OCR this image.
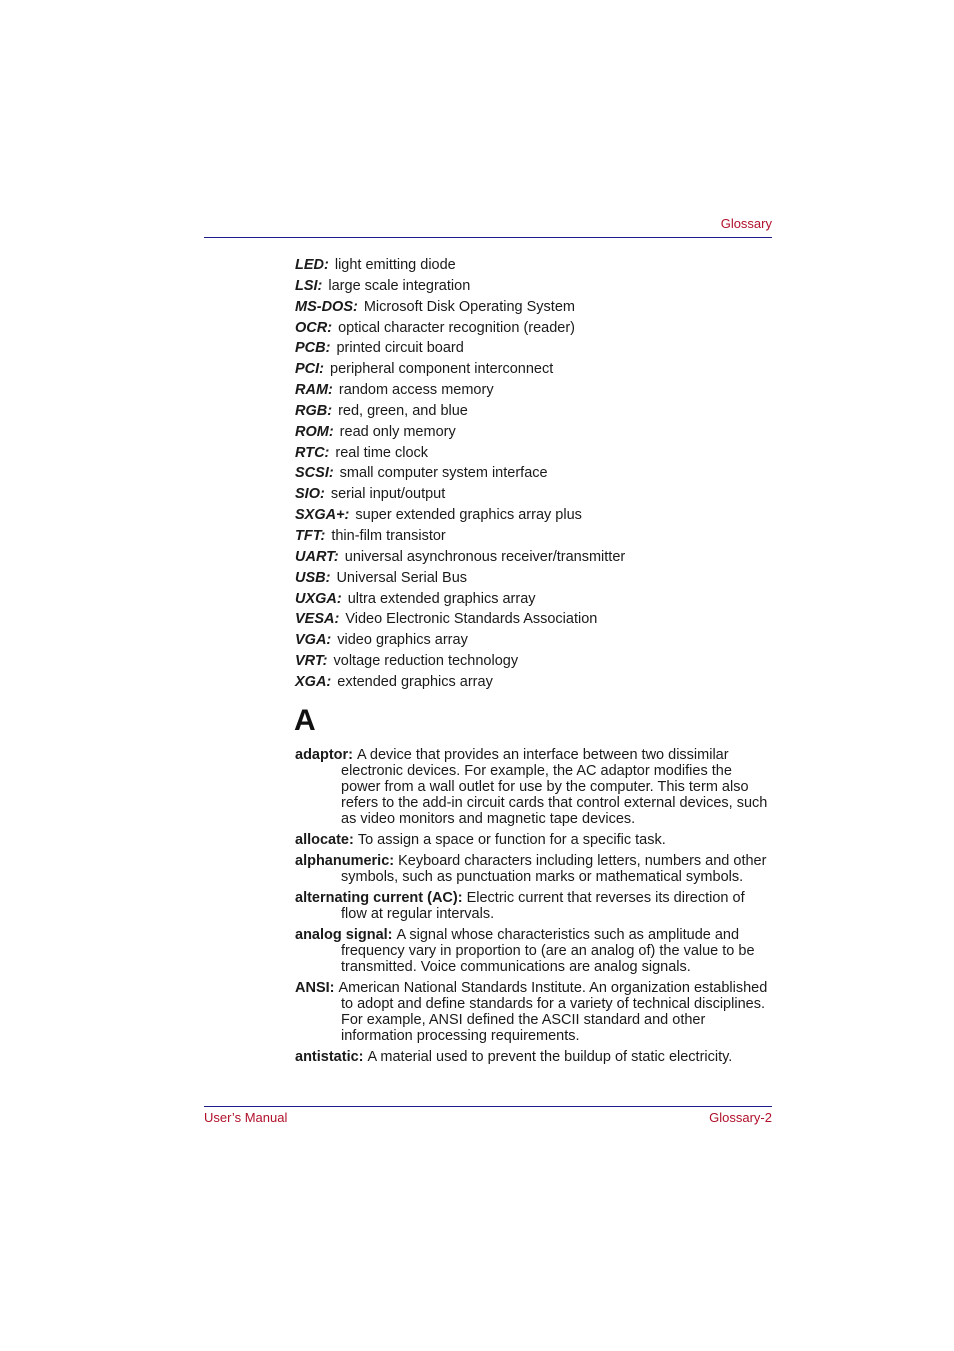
Glossary
LED: light emitting diode
LSI: large scale integration
MS-DOS: Microsoft Disk Operating System
OCR: optical character recognition (reader)
PCB: printed circuit board
PCI: peripheral component interconnect
RAM: random access memory
RGB: red, green, and blue
ROM: read only memory
RTC: real time clock
SCSI: small computer system interface
SIO: serial input/output
SXGA+: super extended graphics array plus
TFT: thin-film transistor
UART: universal asynchronous receiver/transmitter
USB: Universal Serial Bus
UXGA: ultra extended graphics array
VESA: Video Electronic Standards Association
VGA: video graphics array
VRT: voltage reduction technology
XGA: extended graphics array
A
adaptor: A device that provides an interface between two dissimilar electronic devices. For example, the AC adaptor modifies the power from a wall outlet for use by the computer. This term also refers to the add-in circuit cards that control external devices, such as video monitors and magnetic tape devices.
allocate: To assign a space or function for a specific task.
alphanumeric: Keyboard characters including letters, numbers and other symbols, such as punctuation marks or mathematical symbols.
alternating current (AC): Electric current that reverses its direction of flow at regular intervals.
analog signal: A signal whose characteristics such as amplitude and frequency vary in proportion to (are an analog of) the value to be transmitted. Voice communications are analog signals.
ANSI: American National Standards Institute. An organization established to adopt and define standards for a variety of technical disciplines. For example, ANSI defined the ASCII standard and other information processing requirements.
antistatic: A material used to prevent the buildup of static electricity.
User’s Manual	Glossary-2
